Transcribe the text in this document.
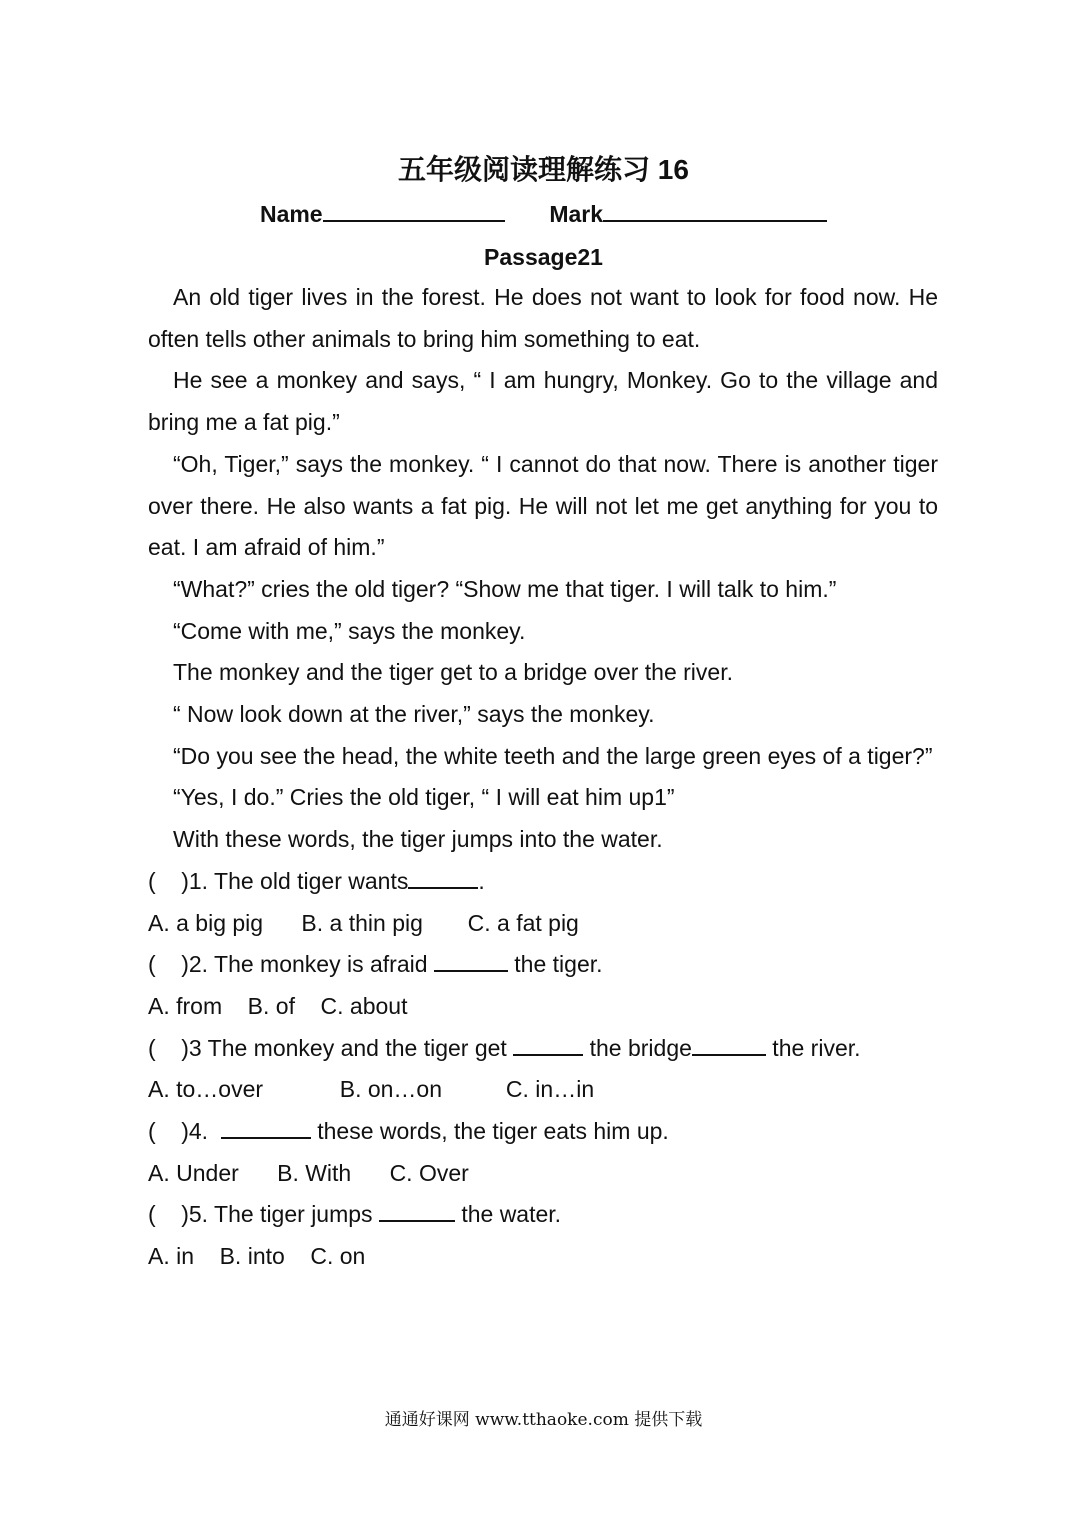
五年级阅读理解练习 16
Name	Mark
Passage21

An old tiger lives in the forest. He does not want to look for food now. He often tells other animals to bring him something to eat.

He see a monkey and says, “ I am hungry, Monkey. Go to the village and bring me a fat pig.”

“Oh, Tiger,” says the monkey. “ I cannot do that now. There is another tiger over there. He also wants a fat pig. He will not let me get anything for you to eat. I am afraid of him.”

“What?” cries the old tiger? “Show me that tiger. I will talk to him.”

“Come with me,” says the monkey.

The monkey and the tiger get to a bridge over the river.

“ Now look down at the river,” says the monkey.

“Do you see the head, the white teeth and the large green eyes of a tiger?”

“Yes, I do.” Cries the old tiger, “ I will eat him up1”

With these words, the tiger jumps into the water.

(    )1. The old tiger wants	.

A. a big pig      B. a thin pig       C. a fat pig

(    )2. The monkey is afraid	the tiger.

A. from    B. of    C. about

(    )3 The monkey and the tiger get	the bridge	the river.

A. to…over            B. on…on          C. in…in

(    )4.	these words, the tiger eats him up.

A. Under      B. With      C. Over

(    )5. The tiger jumps	the water.

A. in    B. into    C. on

通通好课网 www.tthaoke.com 提供下载
